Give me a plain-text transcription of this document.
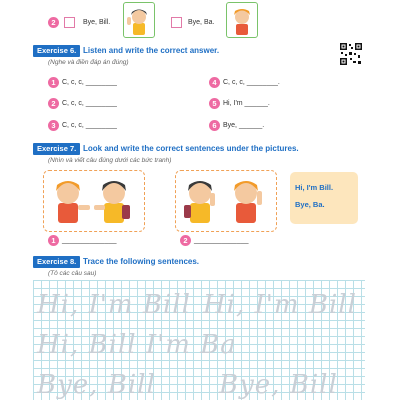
2	Bye, Bill.	Bye, Ba.
Exercise 6. Listen and write the correct answer.
(Nghe và điền đáp án đúng)
1 C, c, c, ________
2 C, c, c, ________
3 C, c, c, ________
4 C, c, c, ________.
5 Hi, I'm ______.
6 Bye, ______.
Exercise 7. Look and write the correct sentences under the pictures.
(Nhìn và viết câu đúng dưới các bức tranh)
Hi, I'm Bill.
Bye, Ba.
1 ______________	2 ______________
Exercise 8. Trace the following sentences.
(Tô các câu sau)
Hi, I'm Bill Hi, I'm Bill
Hi, Bill I'm Ba
Bye, Bill Bye, Bill
